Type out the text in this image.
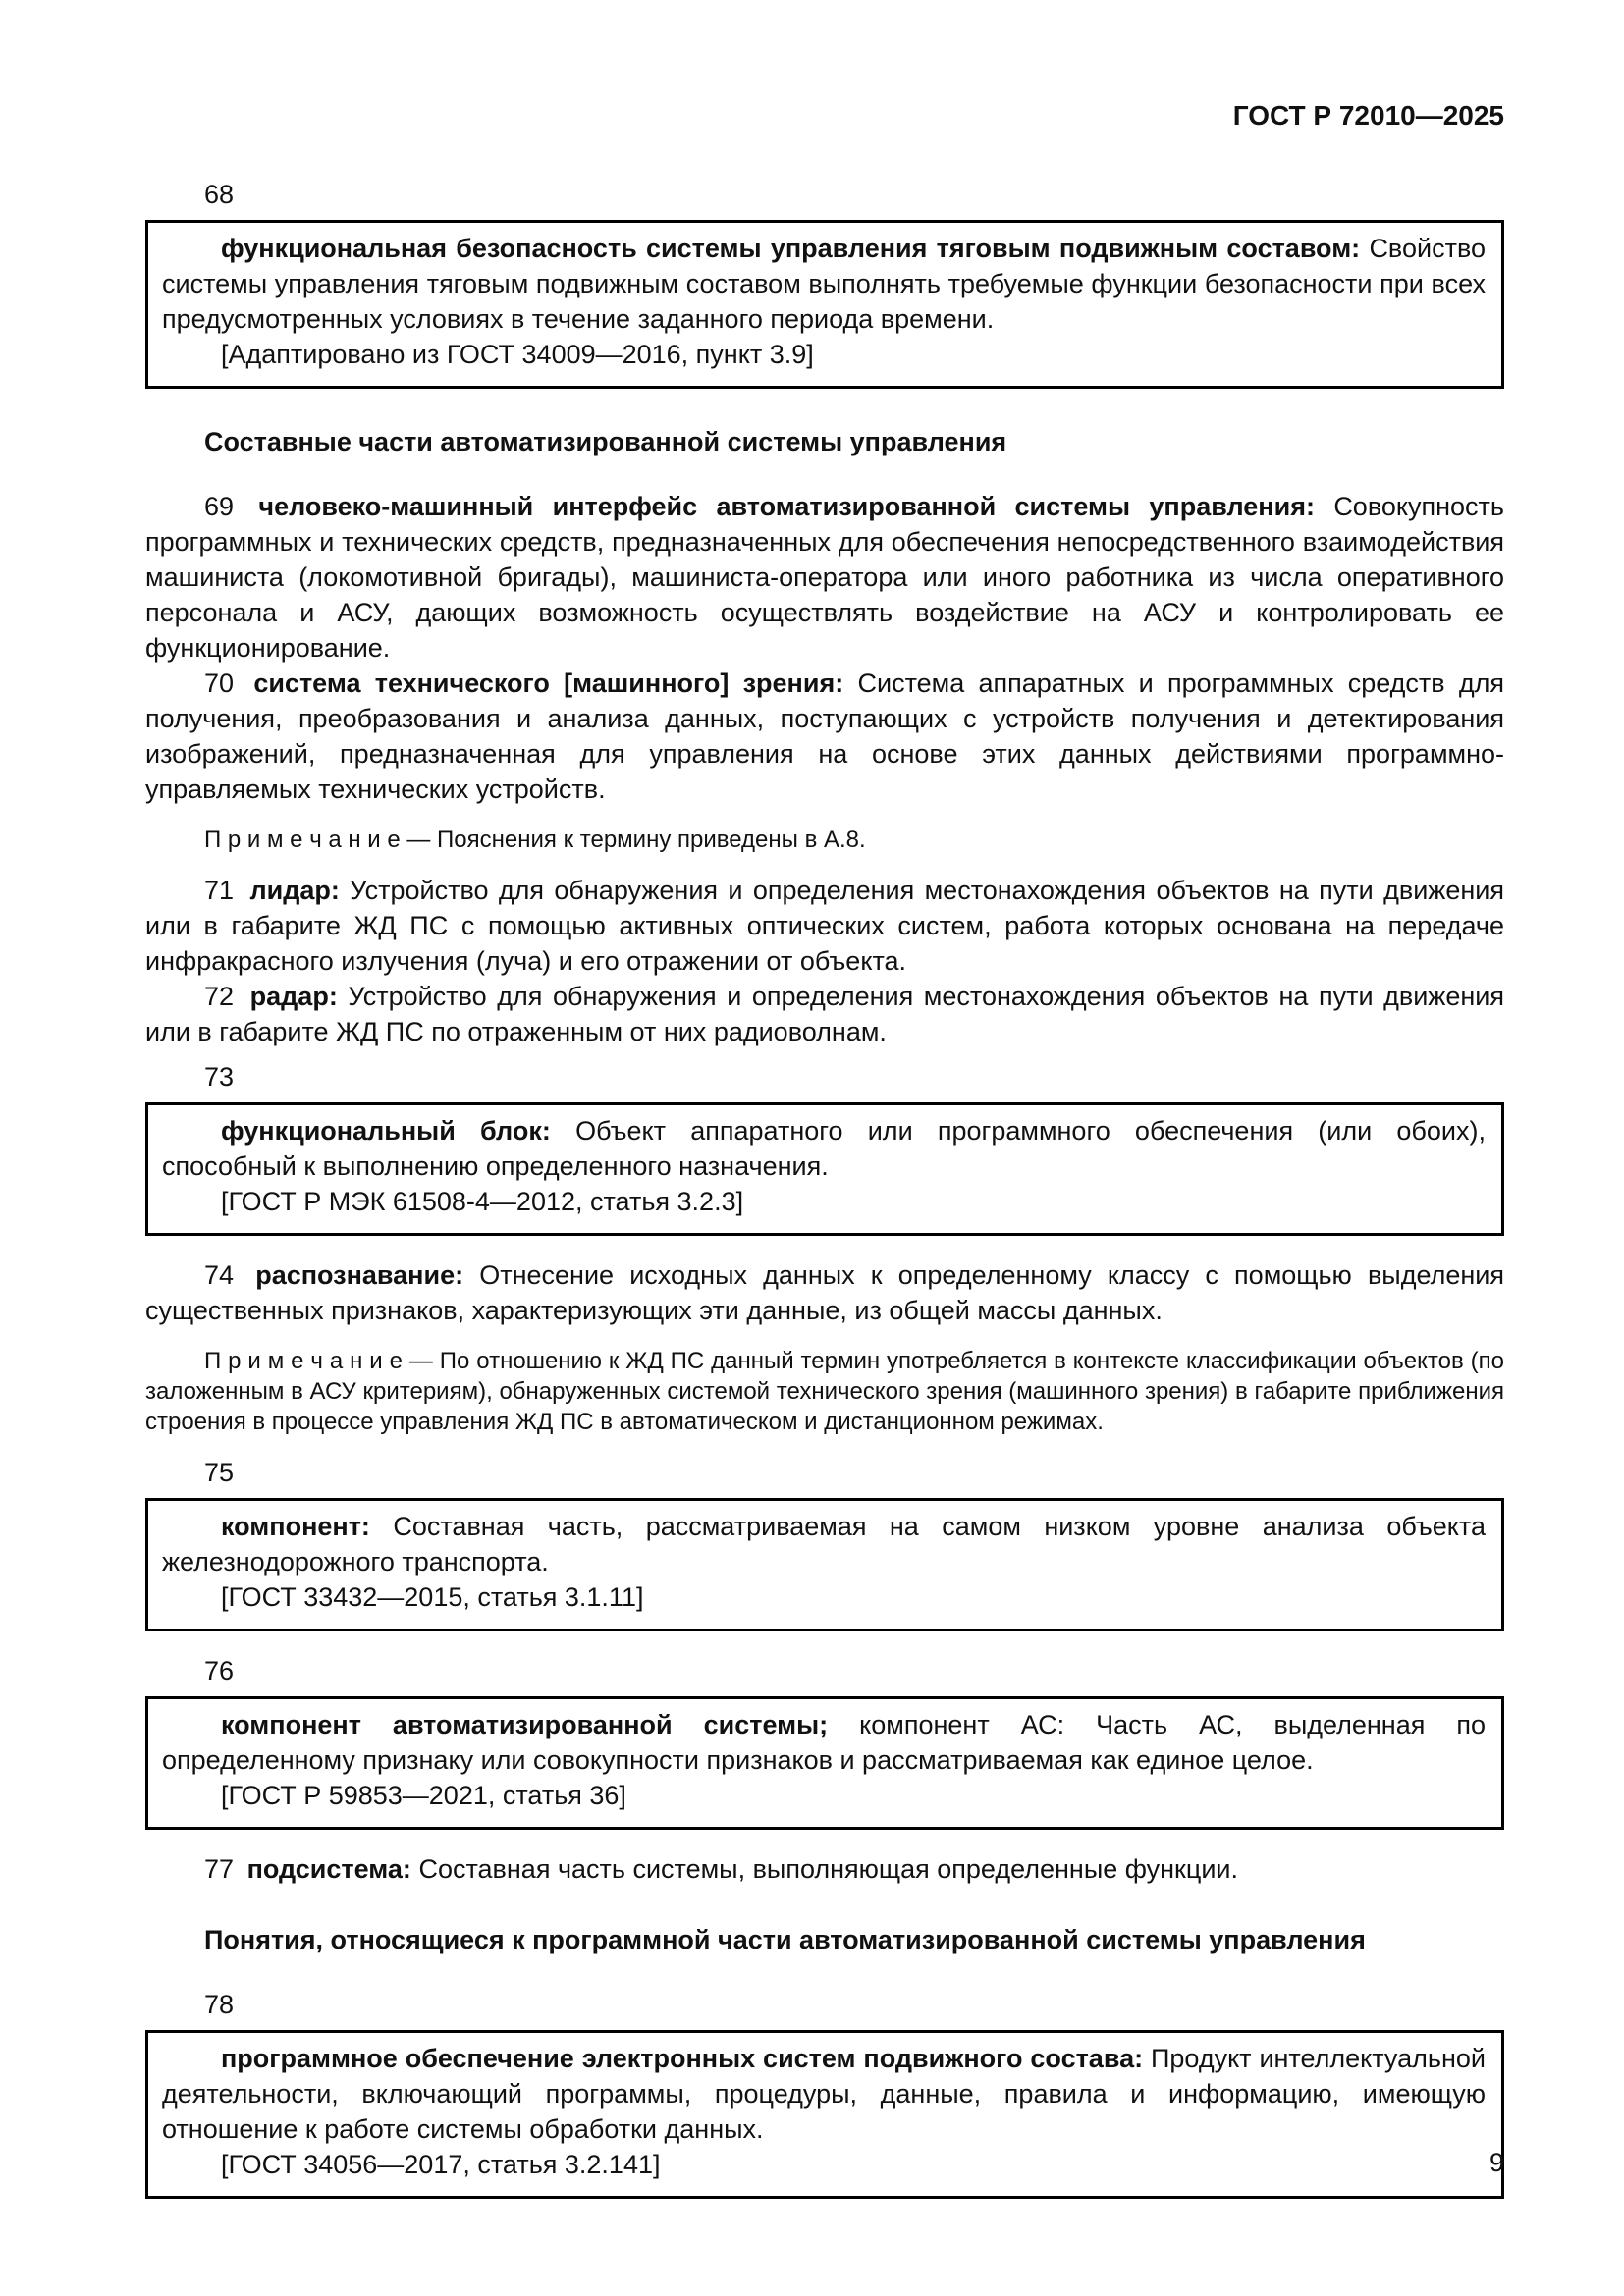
ГОСТ Р 72010—2025

68

функциональная безопасность системы управления тяговым подвижным составом: Свойство системы управления тяговым подвижным составом выполнять требуемые функции безопасности при всех предусмотренных условиях в течение заданного периода времени.

[Адаптировано из ГОСТ 34009—2016, пункт 3.9]

Составные части автоматизированной системы управления

69 человеко-машинный интерфейс автоматизированной системы управления: Совокупность программных и технических средств, предназначенных для обеспечения непосредственного взаимодействия машиниста (локомотивной бригады), машиниста-оператора или иного работника из числа оперативного персонала и АСУ, дающих возможность осуществлять воздействие на АСУ и контролировать ее функционирование.

70 система технического [машинного] зрения: Система аппаратных и программных средств для получения, преобразования и анализа данных, поступающих с устройств получения и детектирования изображений, предназначенная для управления на основе этих данных действиями программно-управляемых технических устройств.

П р и м е ч а н и е — Пояснения к термину приведены в А.8.

71 лидар: Устройство для обнаружения и определения местонахождения объектов на пути движения или в габарите ЖД ПС с помощью активных оптических систем, работа которых основана на передаче инфракрасного излучения (луча) и его отражении от объекта.

72 радар: Устройство для обнаружения и определения местонахождения объектов на пути движения или в габарите ЖД ПС по отраженным от них радиоволнам.

73

функциональный блок: Объект аппаратного или программного обеспечения (или обоих), способный к выполнению определенного назначения.

[ГОСТ Р МЭК 61508-4—2012, статья 3.2.3]

74 распознавание: Отнесение исходных данных к определенному классу с помощью выделения существенных признаков, характеризующих эти данные, из общей массы данных.

П р и м е ч а н и е — По отношению к ЖД ПС данный термин употребляется в контексте классификации объектов (по заложенным в АСУ критериям), обнаруженных системой технического зрения (машинного зрения) в габарите приближения строения в процессе управления ЖД ПС в автоматическом и дистанционном режимах.

75

компонент: Составная часть, рассматриваемая на самом низком уровне анализа объекта железнодорожного транспорта.

[ГОСТ 33432—2015, статья 3.1.11]

76

компонент автоматизированной системы; компонент АС: Часть АС, выделенная по определенному признаку или совокупности признаков и рассматриваемая как единое целое.

[ГОСТ Р 59853—2021, статья 36]

77 подсистема: Составная часть системы, выполняющая определенные функции.

Понятия, относящиеся к программной части автоматизированной системы управления

78

программное обеспечение электронных систем подвижного состава: Продукт интеллектуальной деятельности, включающий программы, процедуры, данные, правила и информацию, имеющую отношение к работе системы обработки данных.

[ГОСТ 34056—2017, статья 3.2.141]	9
